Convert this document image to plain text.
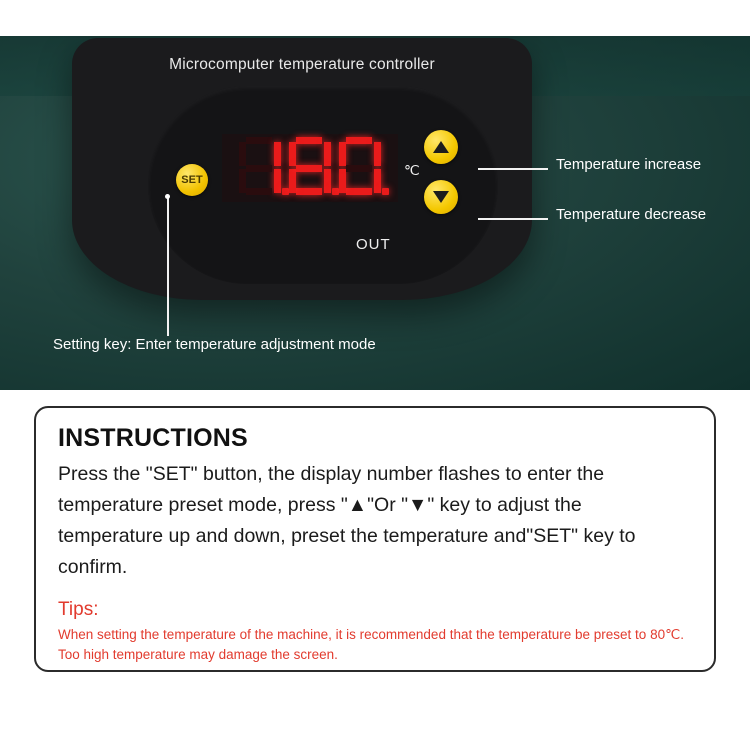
Microcomputer temperature controller
SET
℃
OUT
Temperature increase
Temperature decrease
Setting key: Enter temperature adjustment mode
INSTRUCTIONS

Press the "SET" button, the display number flashes to enter the temperature preset mode, press "▲"Or "▼" key to adjust the temperature up and down, preset the temperature and"SET" key to confirm.

Tips:

When setting the temperature of the machine, it is recommended that the temperature be preset to 80℃. Too high temperature may damage the screen.
